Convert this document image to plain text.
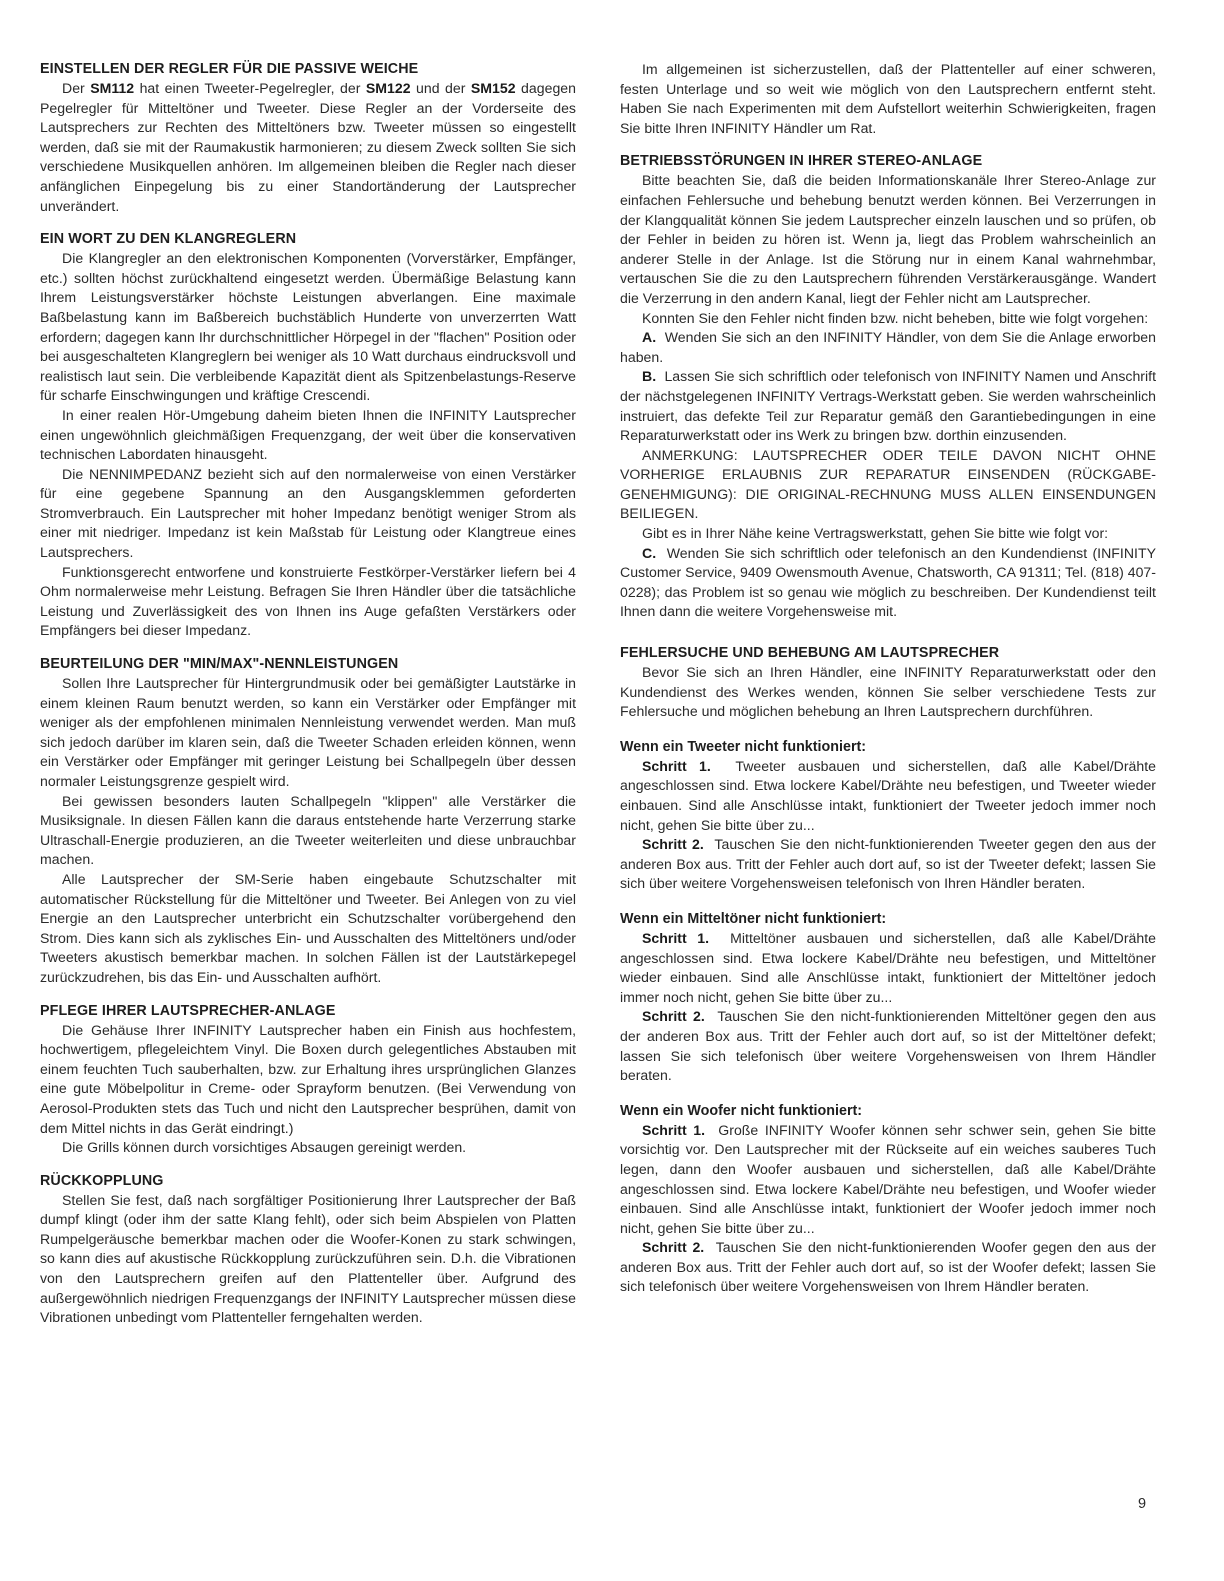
EINSTELLEN DER REGLER FÜR DIE PASSIVE WEICHE

Der SM112 hat einen Tweeter-Pegelregler, der SM122 und der SM152 dagegen Pegelregler für Mitteltöner und Tweeter. Diese Regler an der Vorderseite des Lautsprechers zur Rechten des Mitteltöners bzw. Tweeter müssen so eingestellt werden, daß sie mit der Raumakustik harmonieren; zu diesem Zweck sollten Sie sich verschiedene Musikquellen anhören. Im allgemeinen bleiben die Regler nach dieser anfänglichen Einpegelung bis zu einer Standortänderung der Lautsprecher unverändert.

EIN WORT ZU DEN KLANGREGLERN

Die Klangregler an den elektronischen Komponenten (Vorverstärker, Empfänger, etc.) sollten höchst zurückhaltend eingesetzt werden. Übermäßige Belastung kann Ihrem Leistungsverstärker höchste Leistungen abverlangen. Eine maximale Baßbelastung kann im Baßbereich buchstäblich Hunderte von unverzerrten Watt erfordern; dagegen kann Ihr durchschnittlicher Hörpegel in der "flachen" Position oder bei ausgeschalteten Klangreglern bei weniger als 10 Watt durchaus eindrucksvoll und realistisch laut sein. Die verbleibende Kapazität dient als Spitzenbelastungs-Reserve für scharfe Einschwingungen und kräftige Crescendi.

In einer realen Hör-Umgebung daheim bieten Ihnen die INFINITY Lautsprecher einen ungewöhnlich gleichmäßigen Frequenzgang, der weit über die konservativen technischen Labordaten hinausgeht.

Die NENNIMPEDANZ bezieht sich auf den normalerweise von einen Verstärker für eine gegebene Spannung an den Ausgangsklemmen geforderten Stromverbrauch. Ein Lautsprecher mit hoher Impedanz benötigt weniger Strom als einer mit niedriger. Impedanz ist kein Maßstab für Leistung oder Klangtreue eines Lautsprechers.

Funktionsgerecht entworfene und konstruierte Festkörper-Verstärker liefern bei 4 Ohm normalerweise mehr Leistung. Befragen Sie Ihren Händler über die tatsächliche Leistung und Zuverlässigkeit des von Ihnen ins Auge gefaßten Verstärkers oder Empfängers bei dieser Impedanz.

BEURTEILUNG DER "MIN/MAX"-NENNLEISTUNGEN

Sollen Ihre Lautsprecher für Hintergrundmusik oder bei gemäßigter Lautstärke in einem kleinen Raum benutzt werden, so kann ein Verstärker oder Empfänger mit weniger als der empfohlenen minimalen Nennleistung verwendet werden. Man muß sich jedoch darüber im klaren sein, daß die Tweeter Schaden erleiden können, wenn ein Verstärker oder Empfänger mit geringer Leistung bei Schallpegeln über dessen normaler Leistungsgrenze gespielt wird.

Bei gewissen besonders lauten Schallpegeln "klippen" alle Verstärker die Musiksignale. In diesen Fällen kann die daraus entstehende harte Verzerrung starke Ultraschall-Energie produzieren, an die Tweeter weiterleiten und diese unbrauchbar machen.

Alle Lautsprecher der SM-Serie haben eingebaute Schutzschalter mit automatischer Rückstellung für die Mitteltöner und Tweeter. Bei Anlegen von zu viel Energie an den Lautsprecher unterbricht ein Schutzschalter vorübergehend den Strom. Dies kann sich als zyklisches Ein- und Ausschalten des Mitteltöners und/oder Tweeters akustisch bemerkbar machen. In solchen Fällen ist der Lautstärkepegel zurückzudrehen, bis das Ein- und Ausschalten aufhört.

PFLEGE IHRER LAUTSPRECHER-ANLAGE

Die Gehäuse Ihrer INFINITY Lautsprecher haben ein Finish aus hochfestem, hochwertigem, pflegeleichtem Vinyl. Die Boxen durch gelegentliches Abstauben mit einem feuchten Tuch sauberhalten, bzw. zur Erhaltung ihres ursprünglichen Glanzes eine gute Möbelpolitur in Creme- oder Sprayform benutzen. (Bei Verwendung von Aerosol-Produkten stets das Tuch und nicht den Lautsprecher besprühen, damit von dem Mittel nichts in das Gerät eindringt.)

Die Grills können durch vorsichtiges Absaugen gereinigt werden.

RÜCKKOPPLUNG

Stellen Sie fest, daß nach sorgfältiger Positionierung Ihrer Lautsprecher der Baß dumpf klingt (oder ihm der satte Klang fehlt), oder sich beim Abspielen von Platten Rumpelgeräusche bemerkbar machen oder die Woofer-Konen zu stark schwingen, so kann dies auf akustische Rückkopplung zurückzuführen sein. D.h. die Vibrationen von den Lautsprechern greifen auf den Plattenteller über. Aufgrund des außergewöhnlich niedrigen Frequenzgangs der INFINITY Lautsprecher müssen diese Vibrationen unbedingt vom Plattenteller ferngehalten werden.

Im allgemeinen ist sicherzustellen, daß der Plattenteller auf einer schweren, festen Unterlage und so weit wie möglich von den Lautsprechern entfernt steht. Haben Sie nach Experimenten mit dem Aufstellort weiterhin Schwierigkeiten, fragen Sie bitte Ihren INFINITY Händler um Rat.

BETRIEBSSTÖRUNGEN IN IHRER STEREO-ANLAGE

Bitte beachten Sie, daß die beiden Informationskanäle Ihrer Stereo-Anlage zur einfachen Fehlersuche und behebung benutzt werden können. Bei Verzerrungen in der Klangqualität können Sie jedem Lautsprecher einzeln lauschen und so prüfen, ob der Fehler in beiden zu hören ist. Wenn ja, liegt das Problem wahrscheinlich an anderer Stelle in der Anlage. Ist die Störung nur in einem Kanal wahrnehmbar, vertauschen Sie die zu den Lautsprechern führenden Verstärkerausgänge. Wandert die Verzerrung in den andern Kanal, liegt der Fehler nicht am Lautsprecher.

Konnten Sie den Fehler nicht finden bzw. nicht beheben, bitte wie folgt vorgehen:

A. Wenden Sie sich an den INFINITY Händler, von dem Sie die Anlage erworben haben.

B. Lassen Sie sich schriftlich oder telefonisch von INFINITY Namen und Anschrift der nächstgelegenen INFINITY Vertrags-Werkstatt geben. Sie werden wahrscheinlich instruiert, das defekte Teil zur Reparatur gemäß den Garantiebedingungen in eine Reparaturwerkstatt oder ins Werk zu bringen bzw. dorthin einzusenden.

ANMERKUNG: LAUTSPRECHER ODER TEILE DAVON NICHT OHNE VORHERIGE ERLAUBNIS ZUR REPARATUR EINSENDEN (RÜCKGABE-GENEHMIGUNG): DIE ORIGINAL-RECHNUNG MUSS ALLEN EINSENDUNGEN BEILIEGEN.

Gibt es in Ihrer Nähe keine Vertragswerkstatt, gehen Sie bitte wie folgt vor:

C. Wenden Sie sich schriftlich oder telefonisch an den Kundendienst (INFINITY Customer Service, 9409 Owensmouth Avenue, Chatsworth, CA 91311; Tel. (818) 407-0228); das Problem ist so genau wie möglich zu beschreiben. Der Kundendienst teilt Ihnen dann die weitere Vorgehensweise mit.

FEHLERSUCHE UND BEHEBUNG AM LAUTSPRECHER

Bevor Sie sich an Ihren Händler, eine INFINITY Reparaturwerkstatt oder den Kundendienst des Werkes wenden, können Sie selber verschiedene Tests zur Fehlersuche und möglichen behebung an Ihren Lautsprechern durchführen.

Wenn ein Tweeter nicht funktioniert:

Schritt 1. Tweeter ausbauen und sicherstellen, daß alle Kabel/Drähte angeschlossen sind. Etwa lockere Kabel/Drähte neu befestigen, und Tweeter wieder einbauen. Sind alle Anschlüsse intakt, funktioniert der Tweeter jedoch immer noch nicht, gehen Sie bitte über zu...

Schritt 2. Tauschen Sie den nicht-funktionierenden Tweeter gegen den aus der anderen Box aus. Tritt der Fehler auch dort auf, so ist der Tweeter defekt; lassen Sie sich über weitere Vorgehensweisen telefonisch von Ihren Händler beraten.

Wenn ein Mitteltöner nicht funktioniert:

Schritt 1. Mitteltöner ausbauen und sicherstellen, daß alle Kabel/Drähte angeschlossen sind. Etwa lockere Kabel/Drähte neu befestigen, und Mitteltöner wieder einbauen. Sind alle Anschlüsse intakt, funktioniert der Mitteltöner jedoch immer noch nicht, gehen Sie bitte über zu...

Schritt 2. Tauschen Sie den nicht-funktionierenden Mitteltöner gegen den aus der anderen Box aus. Tritt der Fehler auch dort auf, so ist der Mitteltöner defekt; lassen Sie sich telefonisch über weitere Vorgehensweisen von Ihrem Händler beraten.

Wenn ein Woofer nicht funktioniert:

Schritt 1. Große INFINITY Woofer können sehr schwer sein, gehen Sie bitte vorsichtig vor. Den Lautsprecher mit der Rückseite auf ein weiches sauberes Tuch legen, dann den Woofer ausbauen und sicherstellen, daß alle Kabel/Drähte angeschlossen sind. Etwa lockere Kabel/Drähte neu befestigen, und Woofer wieder einbauen. Sind alle Anschlüsse intakt, funktioniert der Woofer jedoch immer noch nicht, gehen Sie bitte über zu...

Schritt 2. Tauschen Sie den nicht-funktionierenden Woofer gegen den aus der anderen Box aus. Tritt der Fehler auch dort auf, so ist der Woofer defekt; lassen Sie sich telefonisch über weitere Vorgehensweisen von Ihrem Händler beraten.

9
